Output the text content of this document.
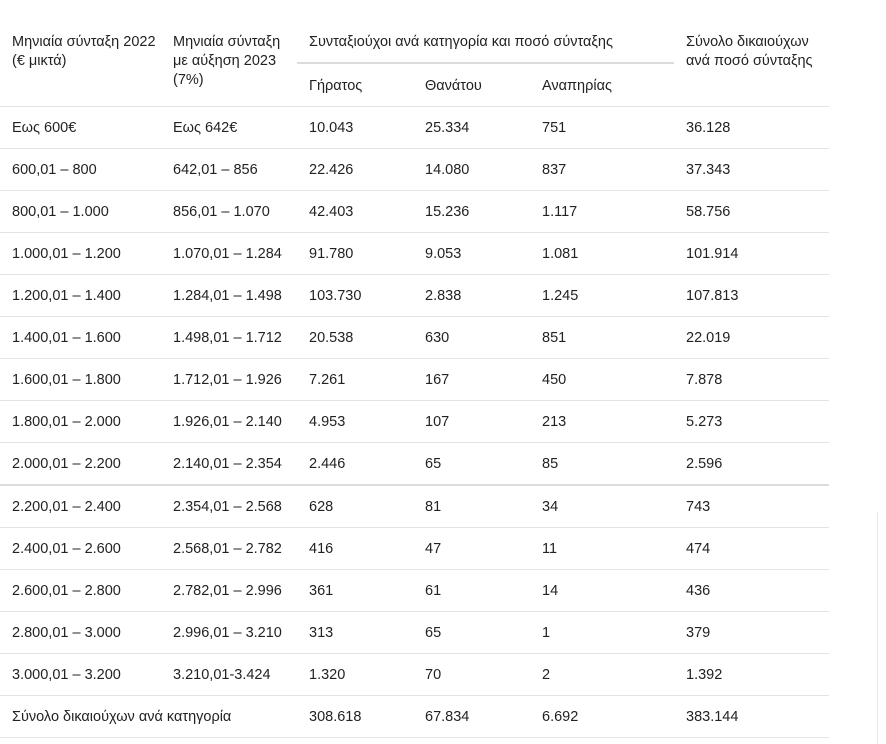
Μηνιαία σύνταξη 2022 (€ μικτά)	Μηνιαία σύνταξη με αύξηση 2023 (7%)	Συνταξιούχοι ανά κατηγορία και ποσό σύνταξης			Σύνολο δικαιούχων ανά ποσό σύνταξης
		Γήρατος	Θανάτου	Αναπηρίας	
Εως 600€	Εως 642€	10.043	25.334	751	36.128
600,01 – 800	642,01 – 856	22.426	14.080	837	37.343
800,01 – 1.000	856,01 – 1.070	42.403	15.236	1.117	58.756
1.000,01 – 1.200	1.070,01 – 1.284	91.780	9.053	1.081	101.914
1.200,01 – 1.400	1.284,01 – 1.498	103.730	2.838	1.245	107.813
1.400,01 – 1.600	1.498,01 – 1.712	20.538	630	851	22.019
1.600,01 – 1.800	1.712,01 – 1.926	7.261	167	450	7.878
1.800,01 – 2.000	1.926,01 – 2.140	4.953	107	213	5.273
2.000,01 – 2.200	2.140,01 – 2.354	2.446	65	85	2.596
2.200,01 – 2.400	2.354,01 – 2.568	628	81	34	743
2.400,01 – 2.600	2.568,01 – 2.782	416	47	11	474
2.600,01 – 2.800	2.782,01 – 2.996	361	61	14	436
2.800,01 – 3.000	2.996,01 – 3.210	313	65	1	379
3.000,01 – 3.200	3.210,01-3.424	1.320	70	2	1.392
Σύνολο δικαιούχων ανά κατηγορία		308.618	67.834	6.692	383.144
